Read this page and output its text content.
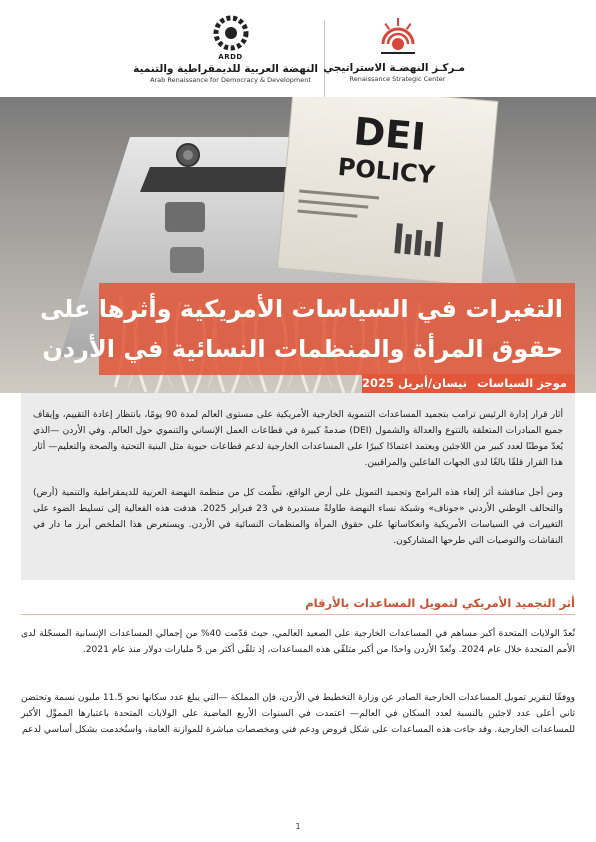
ARDD
النهضة العربية للديمقراطية والتنمية
Arab Renaissance for Democracy & Development
مـركـز النهضـة الاستراتيجي
Renaissance Strategic Center
DEI
POLICY
التغيرات في السياسات الأمريكية وأثرها على
حقوق المرأة والمنظمات النسائية في الأردن
موجز السياسات نيسان/أبريل 2025

أثار قرار إدارة الرئيس ترامب بتجميد المساعدات التنموية الخارجية الأمريكية على مستوى العالم لمدة 90 يومًا، بانتظار إعادة التقييم، وإيقاف جميع المبادرات المتعلقة بالتنوع والعدالة والشمول (DEI) صدمةً كبيرة في قطاعات العمل الإنساني والتنموي حول العالم. وفي الأردن —الذي يُعدّ موطنًا لعدد كبير من اللاجئين ويعتمد اعتمادًا كبيرًا على المساعدات الخارجية لدعم قطاعات حيوية مثل البنية التحتية والصحة والتعليم— أثار هذا القرار قلقًا بالغًا لدى الجهات الفاعلين والمراقبين.

ومن أجل مناقشة أثر إلغاء هذه البرامج وتجميد التمويل على أرض الواقع، نظّمت كل من منظمة النهضة العربية للديمقراطية والتنمية (أرض) والتحالف الوطني الأردني «جوناف» وشبكة نساء النهضة طاولةً مستديرة في 23 فبراير 2025. هدفت هذه الفعالية إلى تسليط الضوء على التغييرات في السياسات الأمريكية وانعكاساتها على حقوق المرأة والمنظمات النسائية في الأردن. ويستعرض هذا الملخص أبرز ما دار في النقاشات والتوصيات التي طرحها المشاركون.

أثر التجميد الأمريكي لتمويل المساعدات بالأرقام

تُعدّ الولايات المتحدة أكبر مساهم في المساعدات الخارجية على الصعيد العالمي، حيث قدّمت 40% من إجمالي المساعدات الإنسانية المسجّلة لدى الأمم المتحدة خلال عام 2024. وتُعدّ الأردن واحدًا من أكبر متلقّي هذه المساعدات، إذ تلقّى أكثر من 5 مليارات دولار منذ عام 2021.

ووفقًا لتقرير تمويل المساعدات الخارجية الصادر عن وزارة التخطيط في الأردن، فإن المملكة —التي يبلغ عدد سكانها نحو 11.5 مليون نسمة وتحتضن ثاني أعلى عدد لاجئين بالنسبة لعدد السكان في العالم— اعتمدت في السنوات الأربع الماضية على الولايات المتحدة باعتبارها المموِّل الأكبر للمساعدات الخارجية. وقد جاءت هذه المساعدات على شكل قروض ودعم فني ومخصصات مباشرة للموازنة العامة، واستُخدمت بشكل أساسي لدعم

1
